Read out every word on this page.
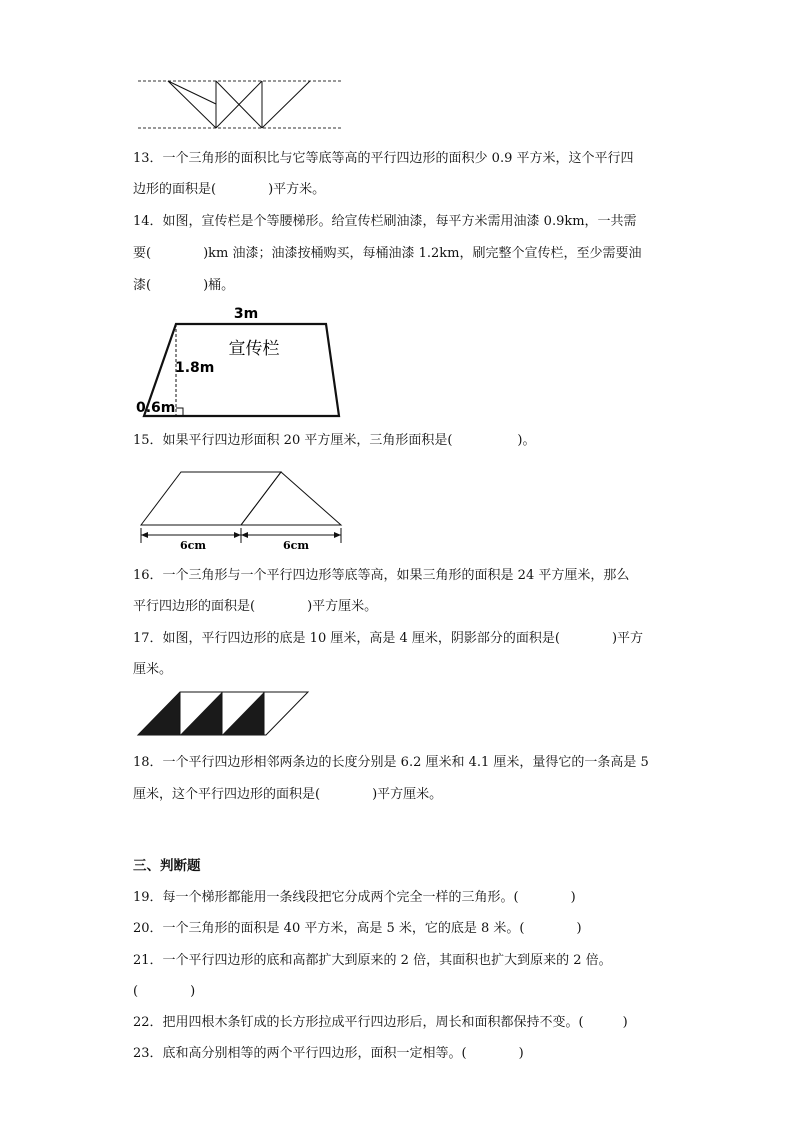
13．一个三角形的面积比与它等底等高的平行四边形的面积少 0.9 平方米，这个平行四
边形的面积是(　　　　)平方米。
14．如图，宣传栏是个等腰梯形。给宣传栏刷油漆，每平方米需用油漆 0.9km，一共需
要(　　　　)km 油漆；油漆按桶购买，每桶油漆 1.2km，刷完整个宣传栏，至少需要油
漆(　　　　)桶。
3m
1.8m
0.6m
宣传栏
15．如果平行四边形面积 20 平方厘米，三角形面积是(　　　　　)。
6cm	6cm
16．一个三角形与一个平行四边形等底等高，如果三角形的面积是 24 平方厘米，那么
平行四边形的面积是(　　　　)平方厘米。
17．如图，平行四边形的底是 10 厘米，高是 4 厘米，阴影部分的面积是(　　　　)平方
厘米。
18．一个平行四边形相邻两条边的长度分别是 6.2 厘米和 4.1 厘米，量得它的一条高是 5
厘米，这个平行四边形的面积是(　　　　)平方厘米。
三、判断题
19．每一个梯形都能用一条线段把它分成两个完全一样的三角形。(　　　　)
20．一个三角形的面积是 40 平方米，高是 5 米，它的底是 8 米。(　　　　)
21．一个平行四边形的底和高都扩大到原来的 2 倍，其面积也扩大到原来的 2 倍。
(　　　　)
22．把用四根木条钉成的长方形拉成平行四边形后，周长和面积都保持不变。(　　　)
23．底和高分别相等的两个平行四边形，面积一定相等。(　　　　)
